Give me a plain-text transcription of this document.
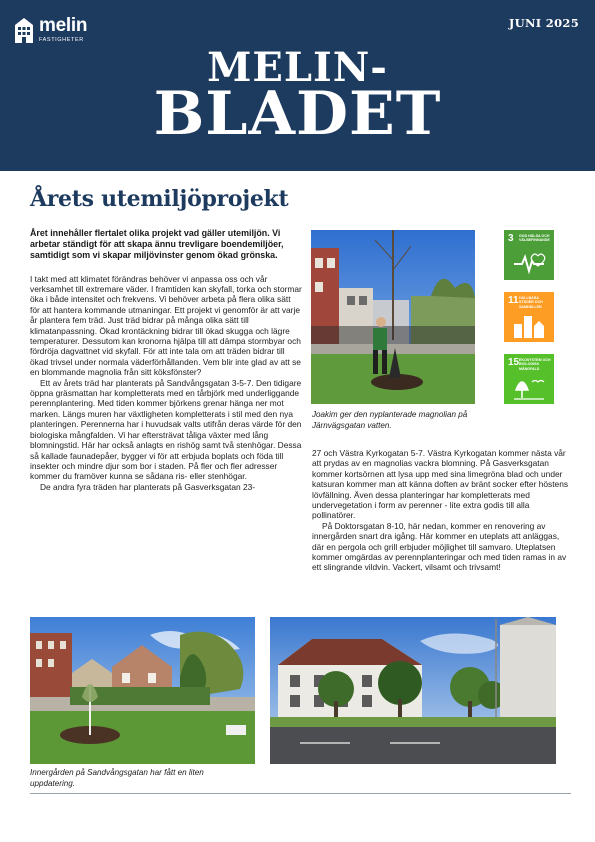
melin
FASTIGHETER
JUNI 2025
MELIN-
BLADET
Årets utemiljöprojekt

Året innehåller flertalet olika projekt vad gäller utemiljön. Vi arbetar ständigt för att skapa ännu trevligare boendemiljöer, samtidigt som vi skapar miljövinster genom ökad grönska.

I takt med att klimatet förändras behöver vi anpassa oss och vår verksamhet till extremare väder. I framtiden kan skyfall, torka och stormar öka i både intensitet och frekvens. Vi behöver arbeta på flera olika sätt för att hantera kommande utmaningar. Ett projekt vi genomför är att varje år plantera fem träd. Just träd bidrar på många olika sätt till klimatanpassning. Ökad krontäckning bidrar till ökad skugga och lägre temperaturer. Dessutom kan kronorna hjälpa till att dämpa stormbyar och fördröja dagvattnet vid skyfall. För att inte tala om att träden bidrar till ökad trivsel under normala väderförhållanden. Vem blir inte glad av att se en blommande magnolia från sitt köksfönster?

Ett av årets träd har planterats på Sandvångsgatan 3-5-7. Den tidigare öppna gräsmattan har kompletterats med en tårbjörk med underliggande perennplantering. Med tiden kommer björkens grenar hänga ner mot marken. Längs muren har växtligheten kompletterats i stil med den nya planteringen. Perennerna har i huvudsak valts utifrån deras värde för den biologiska mångfalden. Vi har eftersträvat tåliga växter med lång blomningstid. Här har också anlagts en rishög samt två stenhögar. Dessa så kallade faunadepåer, bygger vi för att erbjuda boplats och föda till insekter och mindre djur som bor i staden. På fler och fler adresser kommer du framöver kunna se sådana ris- eller stenhögar.

De andra fyra träden har planterats på Gasverksgatan 23-

Joakim ger den nyplanterade magnolian på Järnvägsgatan vatten.

3 GOD HÄLSA OCH VÄLBEFINNANDE
11 HÅLLBARA STÄDER OCH SAMHÄLLEN
15 EKOSYSTEM OCH BIOLOGISK MÅNGFALD

27 och Västra Kyrkogatan 5-7. Västra Kyrkogatan kommer nästa vår att prydas av en magnolias vackra blomning. På Gasverksgatan kommer kortsörnen att lysa upp med sina limegröna blad och under katsuran kommer man att känna doften av bränt socker efter höstens lövfällning. Även dessa planteringar har kompletterats med undervegetation i form av perenner - lite extra godis till alla pollinatörer.

På Doktorsgatan 8-10, här nedan, kommer en renovering av innergården snart dra igång. Här kommer en uteplats att anläggas, där en pergola och grill erbjuder möjlighet till samvaro. Uteplatsen kommer omgärdas av perennplanteringar och med tiden ramas in av ett slingrande vildvin. Vackert, vilsamt och trivsamt!

Innergården på Sandvångsgatan har fått en liten uppdatering.
